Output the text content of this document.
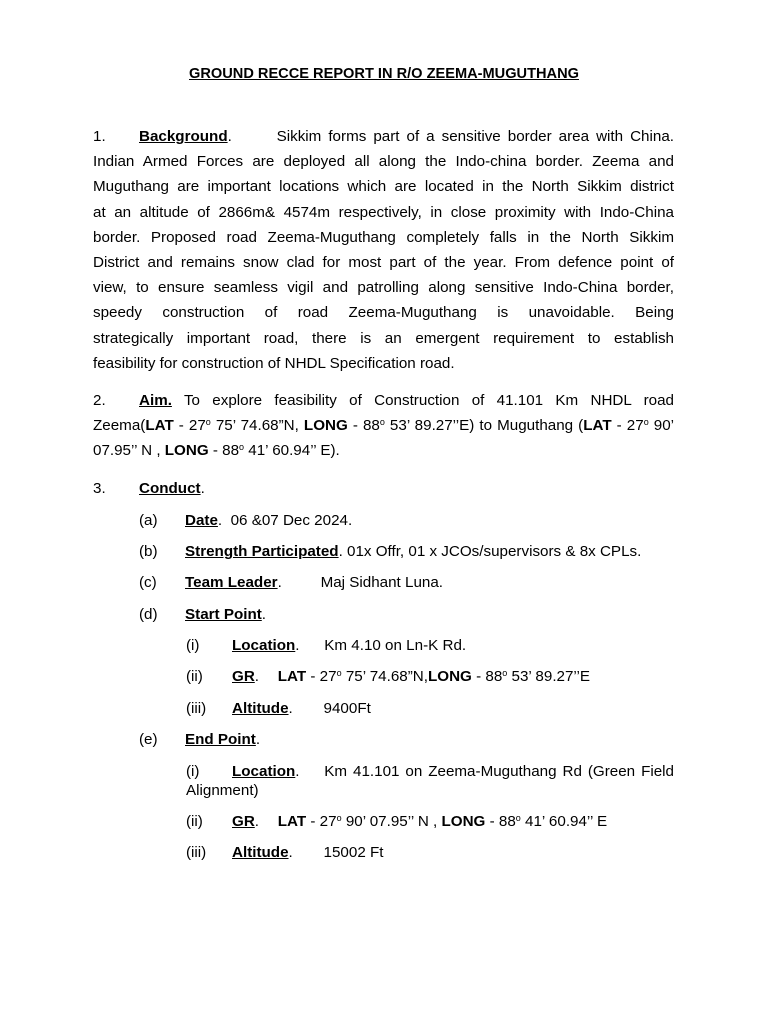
GROUND RECCE REPORT IN R/O ZEEMA-MUGUTHANG
1. Background.	Sikkim forms part of a sensitive border area with China.
Indian Armed Forces are deployed all along the Indo-china border. Zeema and
Muguthang are important locations which are located in the North Sikkim district
at an altitude of 2866m& 4574m respectively, in close proximity with Indo-China
border. Proposed road Zeema-Muguthang completely falls in the North Sikkim
District and remains snow clad for most part of the year. From defence point of
view, to ensure seamless vigil and patrolling along sensitive Indo-China border,
speedy construction of road Zeema-Muguthang is unavoidable. Being
strategically important road, there is an emergent requirement to establish
feasibility for construction of NHDL Specification road.
2. Aim. To explore feasibility of Construction of 41.101 Km NHDL road
Zeema(LAT - 27$^o$ 75’ 74.68”N, LONG - 88$^o$ 53’ 89.27’’E) to Muguthang (LAT - 27$^o$ 90’
07.95’’ N , LONG - 88$^o$ 41’ 60.94’’ E).
3. Conduct.
(a) Date.  06 &07 Dec 2024.
(b) Strength Participated. 01x Offr, 01 x JCOs/supervisors & 8x CPLs.
(c) Team Leader.	Maj Sidhant Luna.
(d) Start Point.
(i) Location. Km 4.10 on Ln-K Rd.
(ii) GR. LAT - 27$^o$ 75’ 74.68”N,LONG - 88$^o$ 53’ 89.27’’E
(iii) Altitude. 9400Ft
(e) End Point.
(i) Location. Km 41.101 on Zeema-Muguthang Rd (Green Field
Alignment)
(ii) GR. LAT - 27$^o$ 90’ 07.95’’ N , LONG - 88$^o$ 41’ 60.94’’ E
(iii) Altitude. 15002 Ft
